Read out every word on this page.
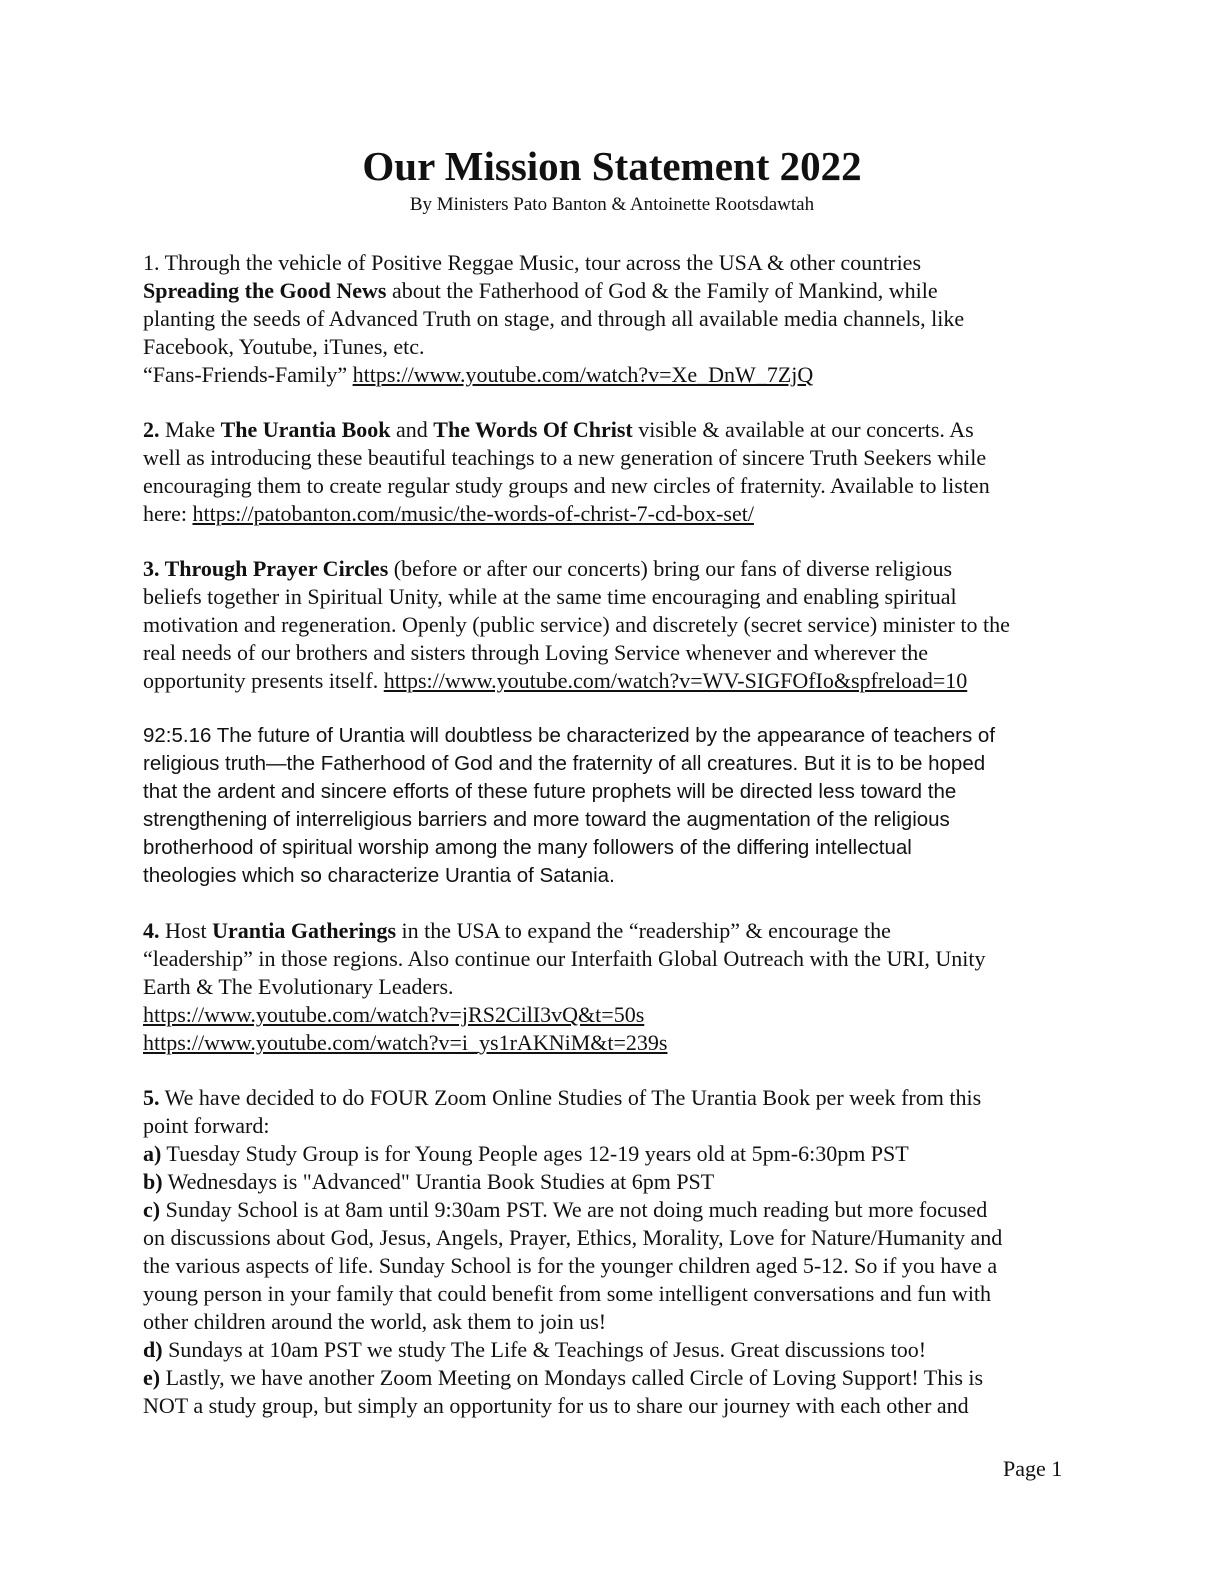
Our Mission Statement 2022

By Ministers Pato Banton & Antoinette Rootsdawtah

1. Through the vehicle of Positive Reggae Music, tour across the USA & other countries
Spreading the Good News about the Fatherhood of God & the Family of Mankind, while
planting the seeds of Advanced Truth on stage, and through all available media channels, like
Facebook, Youtube, iTunes, etc.
“Fans-Friends-Family” https://www.youtube.com/watch?v=Xe_DnW_7ZjQ
2. Make The Urantia Book and The Words Of Christ visible & available at our concerts. As
well as introducing these beautiful teachings to a new generation of sincere Truth Seekers while
encouraging them to create regular study groups and new circles of fraternity. Available to listen
here: https://patobanton.com/music/the-words-of-christ-7-cd-box-set/
3. Through Prayer Circles (before or after our concerts) bring our fans of diverse religious
beliefs together in Spiritual Unity, while at the same time encouraging and enabling spiritual
motivation and regeneration. Openly (public service) and discretely (secret service) minister to the
real needs of our brothers and sisters through Loving Service whenever and wherever the
opportunity presents itself. https://www.youtube.com/watch?v=WV-SIGFOfIo&spfreload=10
92:5.16 The future of Urantia will doubtless be characterized by the appearance of teachers of
religious truth—the Fatherhood of God and the fraternity of all creatures. But it is to be hoped
that the ardent and sincere efforts of these future prophets will be directed less toward the
strengthening of interreligious barriers and more toward the augmentation of the religious
brotherhood of spiritual worship among the many followers of the differing intellectual
theologies which so characterize Urantia of Satania.
4. Host Urantia Gatherings in the USA to expand the “readership” & encourage the
“leadership” in those regions. Also continue our Interfaith Global Outreach with the URI, Unity
Earth & The Evolutionary Leaders.
https://www.youtube.com/watch?v=jRS2CilI3vQ&t=50s
https://www.youtube.com/watch?v=i_ys1rAKNiM&t=239s
5. We have decided to do FOUR Zoom Online Studies of The Urantia Book per week from this
point forward:
a) Tuesday Study Group is for Young People ages 12-19 years old at 5pm-6:30pm PST
b) Wednesdays is "Advanced" Urantia Book Studies at 6pm PST
c) Sunday School is at 8am until 9:30am PST. We are not doing much reading but more focused
on discussions about God, Jesus, Angels, Prayer, Ethics, Morality, Love for Nature/Humanity and
the various aspects of life. Sunday School is for the younger children aged 5-12. So if you have a
young person in your family that could benefit from some intelligent conversations and fun with
other children around the world, ask them to join us!
d) Sundays at 10am PST we study The Life & Teachings of Jesus. Great discussions too!
e) Lastly, we have another Zoom Meeting on Mondays called Circle of Loving Support! This is
NOT a study group, but simply an opportunity for us to share our journey with each other and
Page 1
